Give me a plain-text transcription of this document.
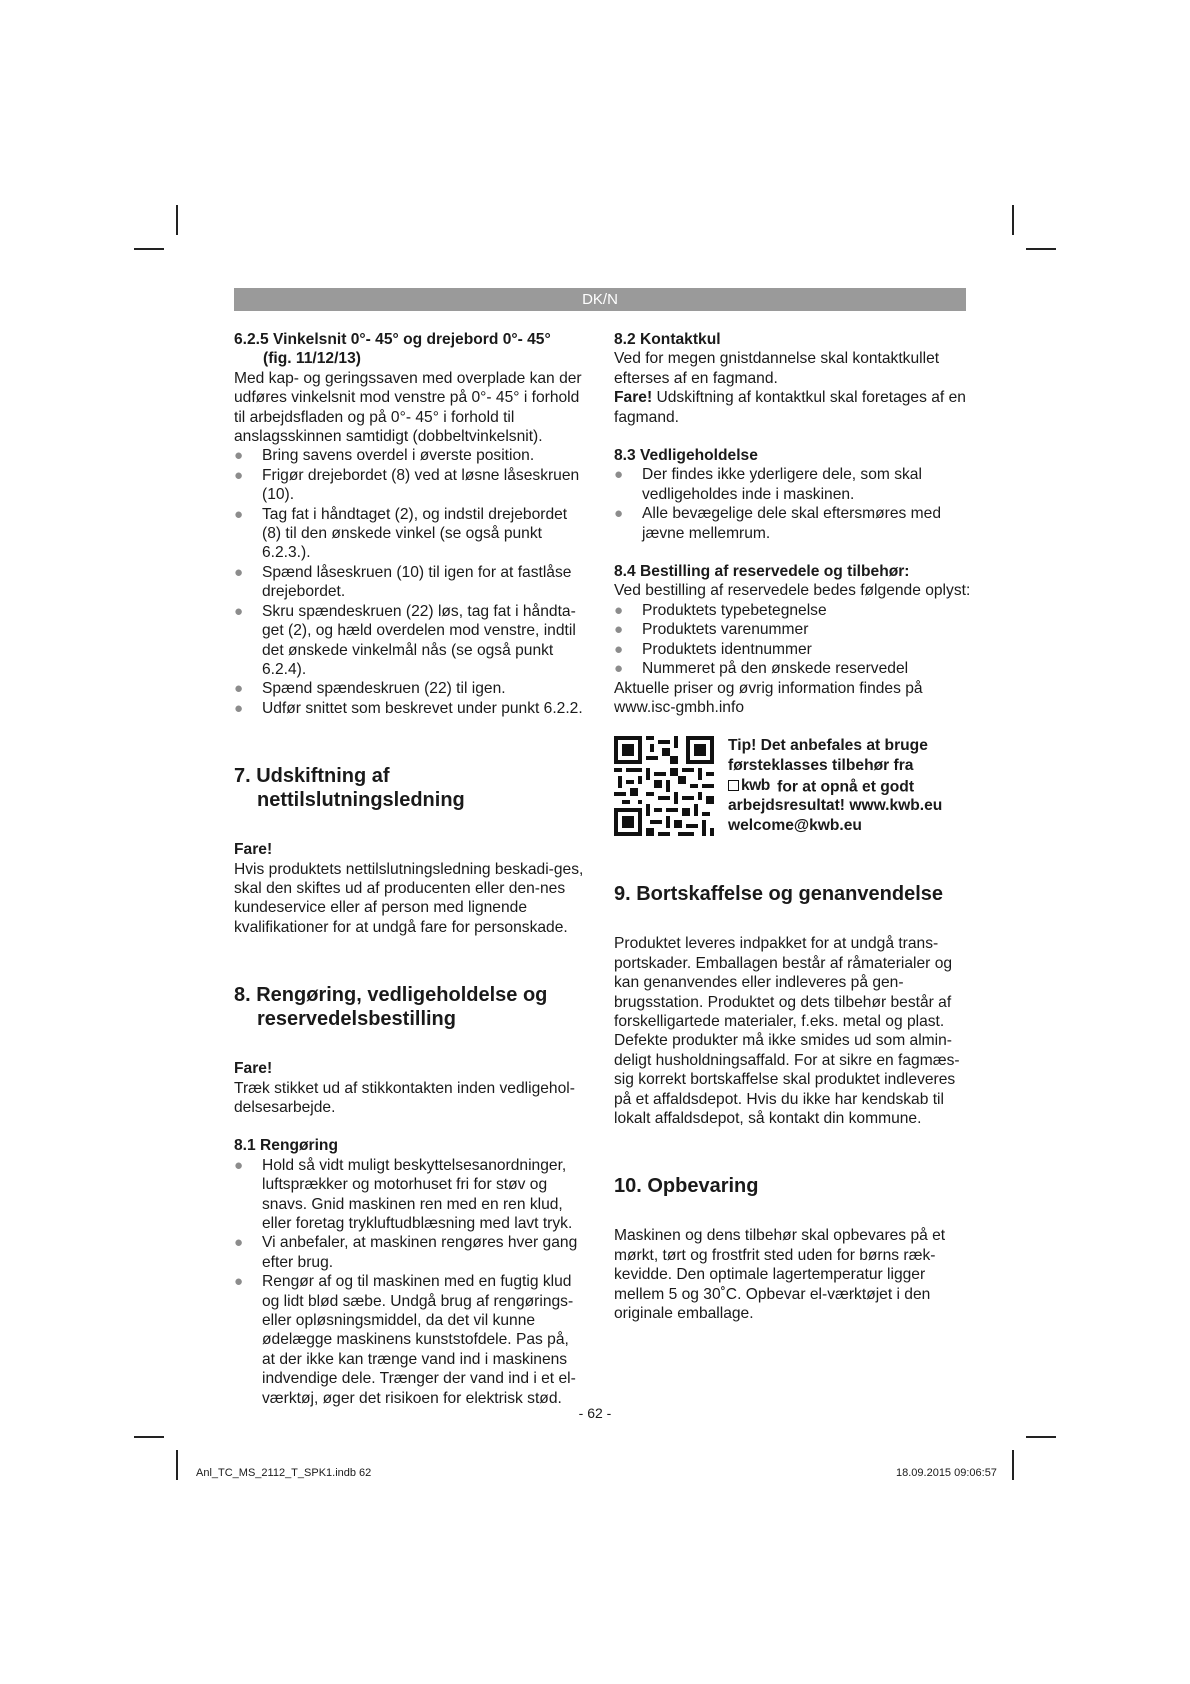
DK/N
6.2.5 Vinkelsnit 0°- 45° og drejebord 0°- 45°
(fig. 11/12/13)

Med kap- og geringssaven med overplade kan der udføres vinkelsnit mod venstre på 0°- 45° i forhold til arbejdsfladen og på 0°- 45° i forhold til anslagsskinnen samtidigt (dobbeltvinkelsnit).

●	Bring savens overdel i øverste position.
●	Frigør drejebordet (8) ved at løsne låseskruen (10).
●	Tag fat i håndtaget (2), og indstil drejebordet (8) til den ønskede vinkel (se også punkt 6.2.3.).
●	Spænd låseskruen (10) til igen for at fastlåse drejebordet.
●	Skru spændeskruen (22) løs, tag fat i håndta-get (2), og hæld overdelen mod venstre, indtil det ønskede vinkelmål nås (se også punkt 6.2.4).
●	Spænd spændeskruen (22) til igen.
●	Udfør snittet som beskrevet under punkt 6.2.2.
7. Udskiftning af
nettilslutningsledning

Fare!

Hvis produktets nettilslutningsledning beskadi-ges, skal den skiftes ud af producenten eller den-nes kundeservice eller af person med lignende kvalifikationer for at undgå fare for personskade.

8. Rengøring, vedligeholdelse og
reservedelsbestilling

Fare!

Træk stikket ud af stikkontakten inden vedligehol-delsesarbejde.

8.1 Rengøring

●	Hold så vidt muligt beskyttelsesanordninger, luftsprækker og motorhuset fri for støv og snavs. Gnid maskinen ren med en ren klud, eller foretag trykluftudblæsning med lavt tryk.
●	Vi anbefaler, at maskinen rengøres hver gang efter brug.
●	Rengør af og til maskinen med en fugtig klud og lidt blød sæbe. Undgå brug af rengørings-eller opløsningsmiddel, da det vil kunne ødelægge maskinens kunststofdele. Pas på, at der ikke kan trænge vand ind i maskinens indvendige dele. Trænger der vand ind i et el-værktøj, øger det risikoen for elektrisk stød.

8.2 Kontaktkul

Ved for megen gnistdannelse skal kontaktkullet efterses af en fagmand.

Fare! Udskiftning af kontaktkul skal foretages af en fagmand.

8.3 Vedligeholdelse

●	Der findes ikke yderligere dele, som skal vedligeholdes inde i maskinen.
●	Alle bevægelige dele skal eftersmøres med jævne mellemrum.

8.4 Bestilling af reservedele og tilbehør:

Ved bestilling af reservedele bedes følgende oplyst:

●	Produktets typebetegnelse
●	Produktets varenummer
●	Produktets identnummer
●	Nummeret på den ønskede reservedel

Aktuelle priser og øvrig information findes på www.isc-gmbh.info

Tip! Det anbefales at bruge
førsteklasses tilbehør fra
kwb for at opnå et godt
arbejdsresultat! www.kwb.eu
welcome@kwb.eu
9. Bortskaffelse og genanvendelse

Produktet leveres indpakket for at undgå trans-portskader. Emballagen består af råmaterialer og kan genanvendes eller indleveres på gen-brugsstation. Produktet og dets tilbehør består af forskelligartede materialer, f.eks. metal og plast. Defekte produkter må ikke smides ud som almin-deligt husholdningsaffald. For at sikre en fagmæs-sig korrekt bortskaffelse skal produktet indleveres på et affaldsdepot. Hvis du ikke har kendskab til lokalt affaldsdepot, så kontakt din kommune.

10. Opbevaring

Maskinen og dens tilbehør skal opbevares på et mørkt, tørt og frostfrit sted uden for børns ræk-kevidde. Den optimale lagertemperatur ligger mellem 5 og 30˚C. Opbevar el-værktøjet i den originale emballage.

- 62 -
Anl_TC_MS_2112_T_SPK1.indb 62	18.09.2015 09:06:57
